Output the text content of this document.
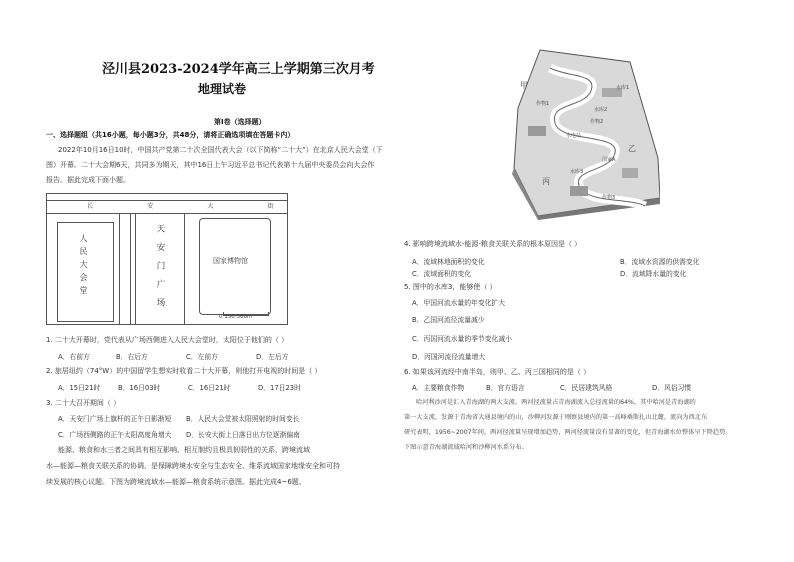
泾川县2023-2024学年高三上学期第三次月考
地理试卷
第Ⅰ卷（选择题）
一、选择题组（共16小题，每小题3分，共48分，请将正确选项填在答题卡内）
2022年10月16日10时，中国共产党第二十次全国代表大会（以下简称“二十大”）在北京人民大会堂（下
图）开幕。二十大会期6天，共同多为期天，其中16日上午习近平总书记代表第十九届中央委员会向大会作
报告。据此完成下面小题。
长 安 大 街
人民大会堂	天安门广场	国家博物馆
0 150 300m
1. 二十大开幕时，党代表从广场西侧进入人民大会堂时，太阳位于他们的（ ）
A．右前方	B．右后方	C．左前方	D．左后方
2. 旅居纽约（74°W）的中国留学生想实时收看二十大开幕，则他打开电视的时间是（ ）
A．15日21时	B．16日03时	C．16日21时	D．17日23时
3. 二十大召开期间（ ）
A．天安门广场上旗杆的正午日影渐短 B．人民大会堂被太阳照射的时间变长
C．广场西侧路的正午太阳高度角增大 D．长安大街上日落日出方位逐渐偏南
能源、粮食和水三者之间具有相互影响、相互制约且极具韧弱性的关系，跨境流域
水—能源—粮食关联关系的协调，是保障跨境水安全与生态安全、维系流域国家地缘安全和可持
续发展的核心议题。下图为跨境流域水—能源—粮食系统示意图。据此完成4~6题。
甲
乙
丙
作物1
作物2
作物3
水库1
水库2
水库3
水电站
国家A
4. 影响跨境流域水-能源-粮食关联关系的根本原因是（ ）
A．流域林地面积的变化	B．流域水资源的供需变化
C．流域面积的变化	D．流域降水量的变化
5. 图中的水库3，能够使（ ）
A．甲国河流水量的年变化扩大
B．乙国河流径流量减少
C．丙国河流水量的季节变化减小
D．丙国河流径流量增大
6. 如果该河流经中南半岛，则甲、乙、丙三国相同的是（ ）
A．主要粮食作物	B．官方语言	C．民居建筑风格	D．风俗习惯
哈河利沙河是汇入青海湖的两大支流。两河径流量占青海湖流入总径流量的64%，其中哈河是青海湖的
第一大支流，发源于青海省大通县境内的山，沙柳河发源于刚察县境内的第一高峰桑斯扎山北麓，流向为西北东
研究表明，1956~2007年间，两河径流量呈现增加趋势，两河径流量没有显著的变化，但青海湖水位整体呈下降趋势。
下图示意青海湖流域哈河和沙柳河水系分布。
